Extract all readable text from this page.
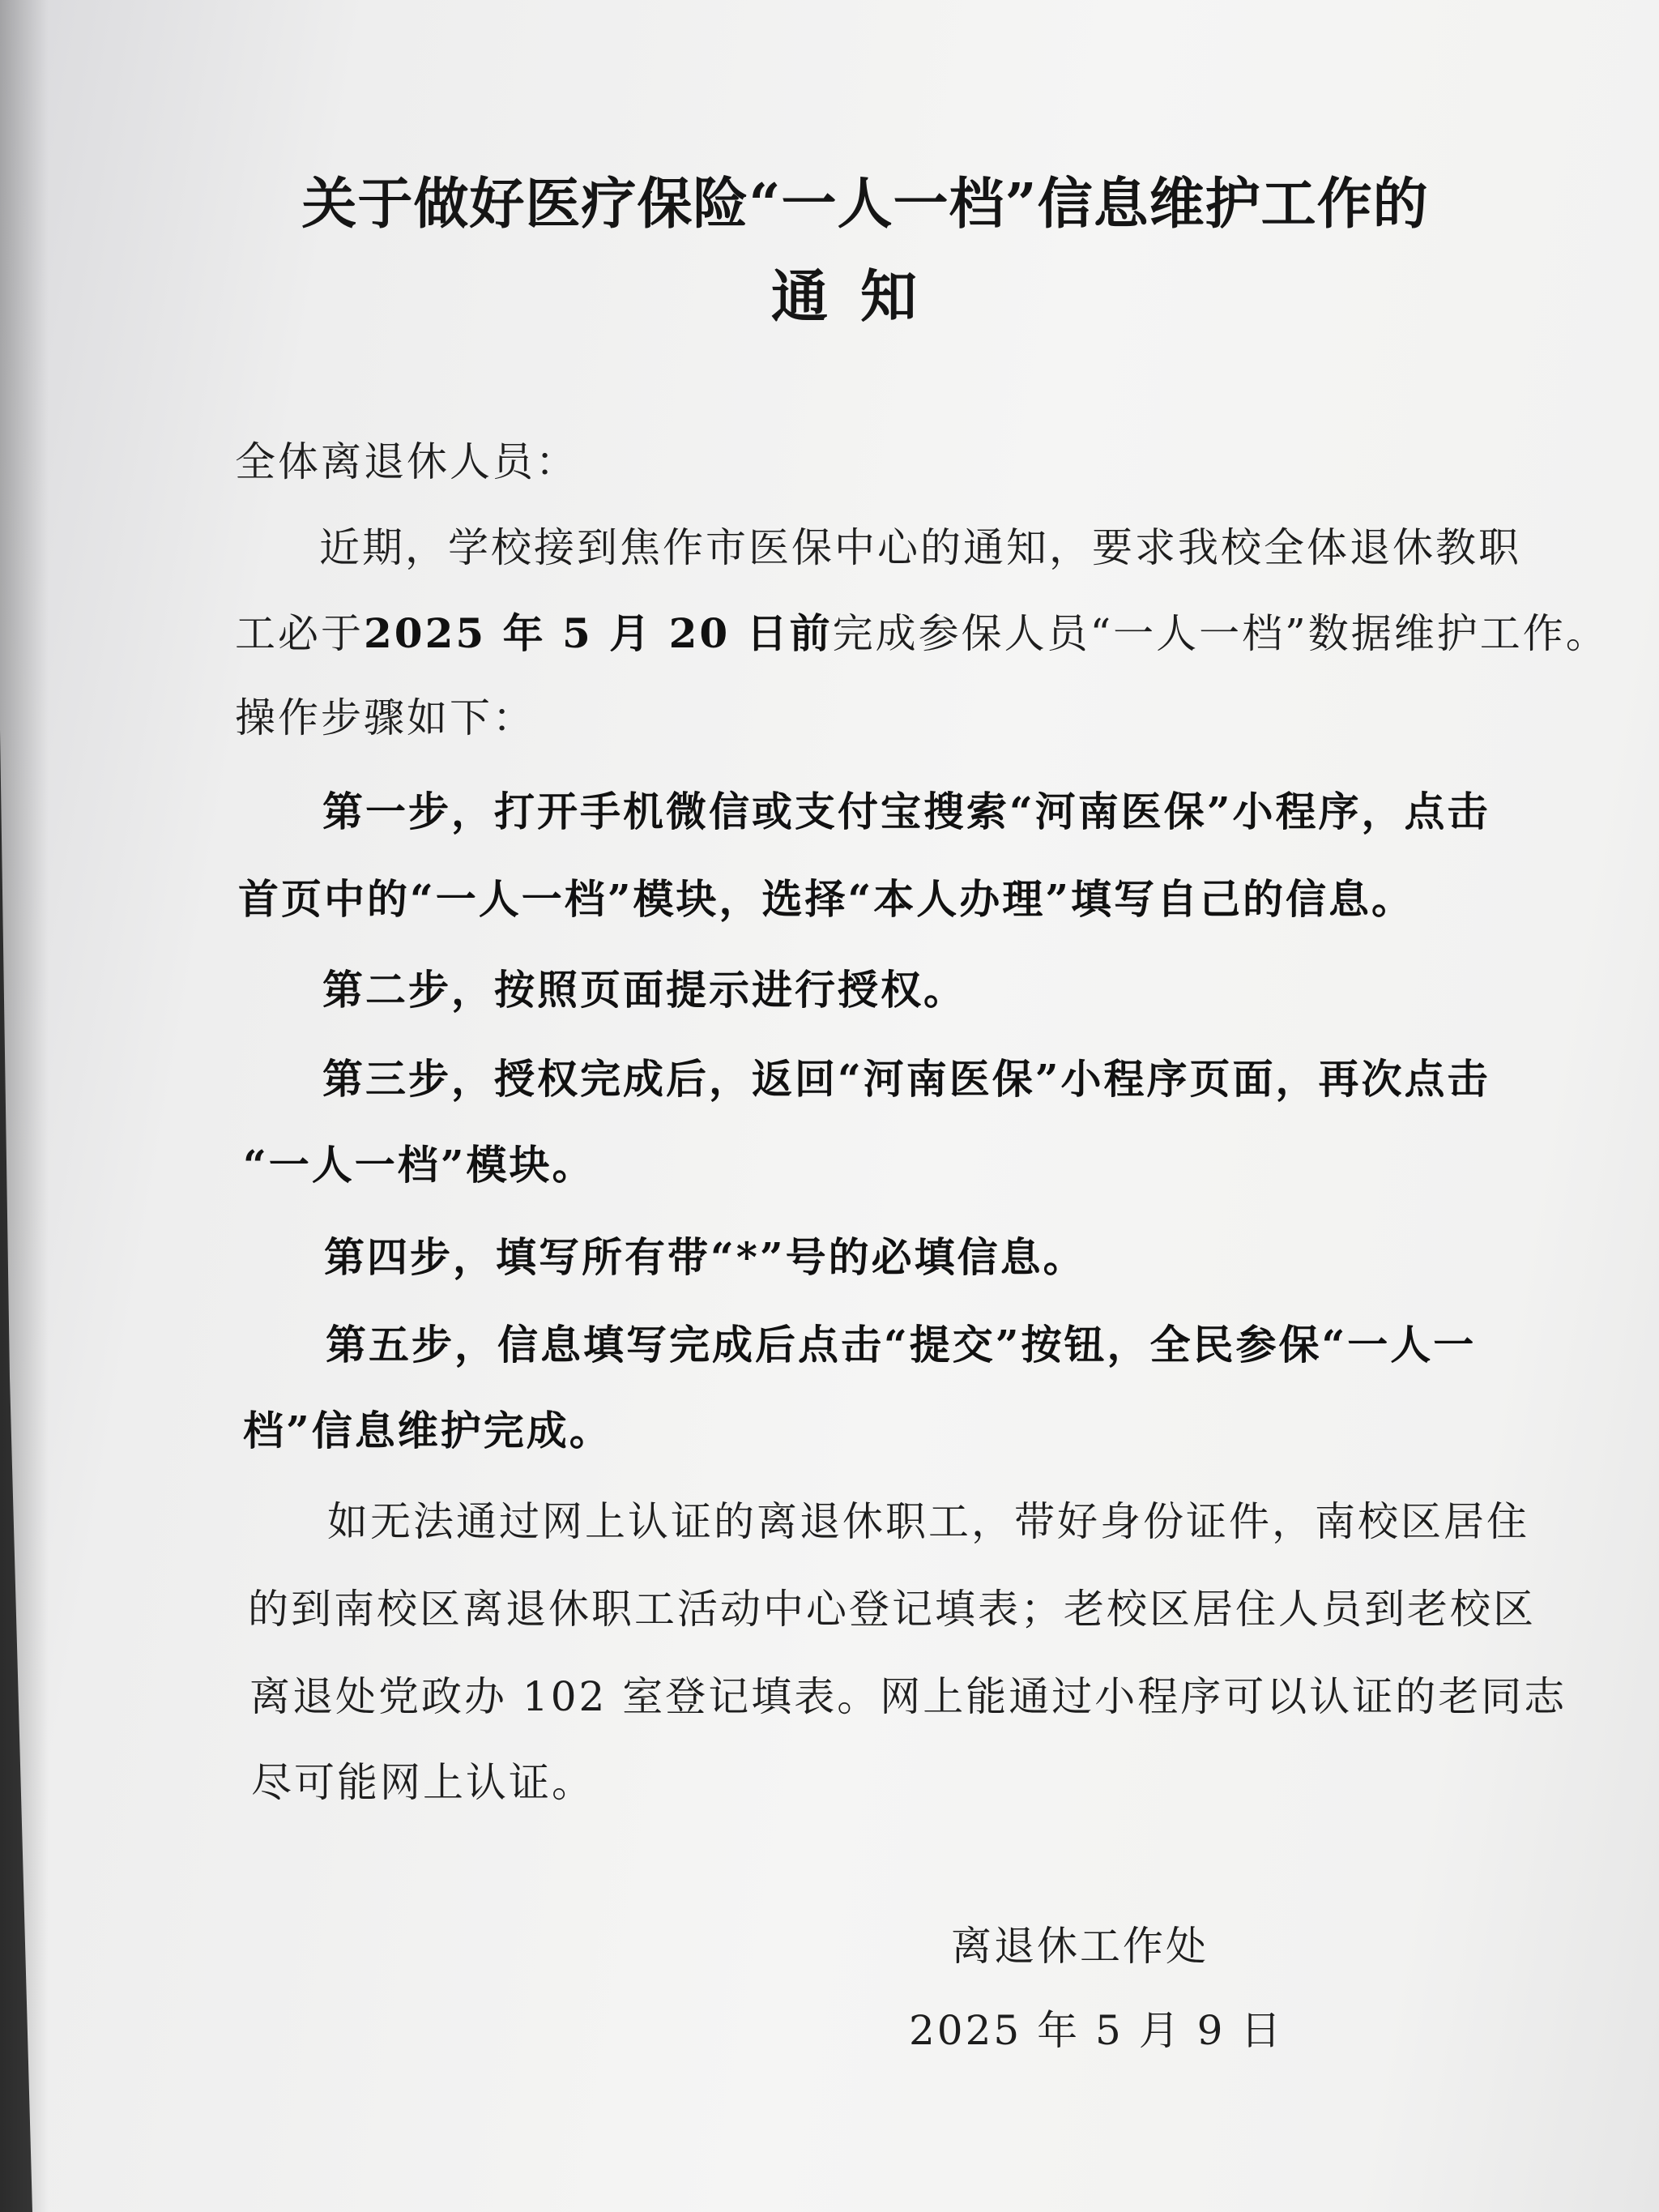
关于做好医疗保险“一人一档”信息维护工作的
通知
全体离退休人员：
近期，学校接到焦作市医保中心的通知，要求我校全体退休教职
工必于2025 年 5 月 20 日前完成参保人员“一人一档”数据维护工作。
操作步骤如下：
第一步，打开手机微信或支付宝搜索“河南医保”小程序，点击
首页中的“一人一档”模块，选择“本人办理”填写自己的信息。
第二步，按照页面提示进行授权。
第三步，授权完成后，返回“河南医保”小程序页面，再次点击
“一人一档”模块。
第四步，填写所有带“*”号的必填信息。
第五步，信息填写完成后点击“提交”按钮，全民参保“一人一
档”信息维护完成。
如无法通过网上认证的离退休职工，带好身份证件，南校区居住
的到南校区离退休职工活动中心登记填表；老校区居住人员到老校区
离退处党政办 102 室登记填表。网上能通过小程序可以认证的老同志
尽可能网上认证。
离退休工作处
2025 年 5 月 9 日
